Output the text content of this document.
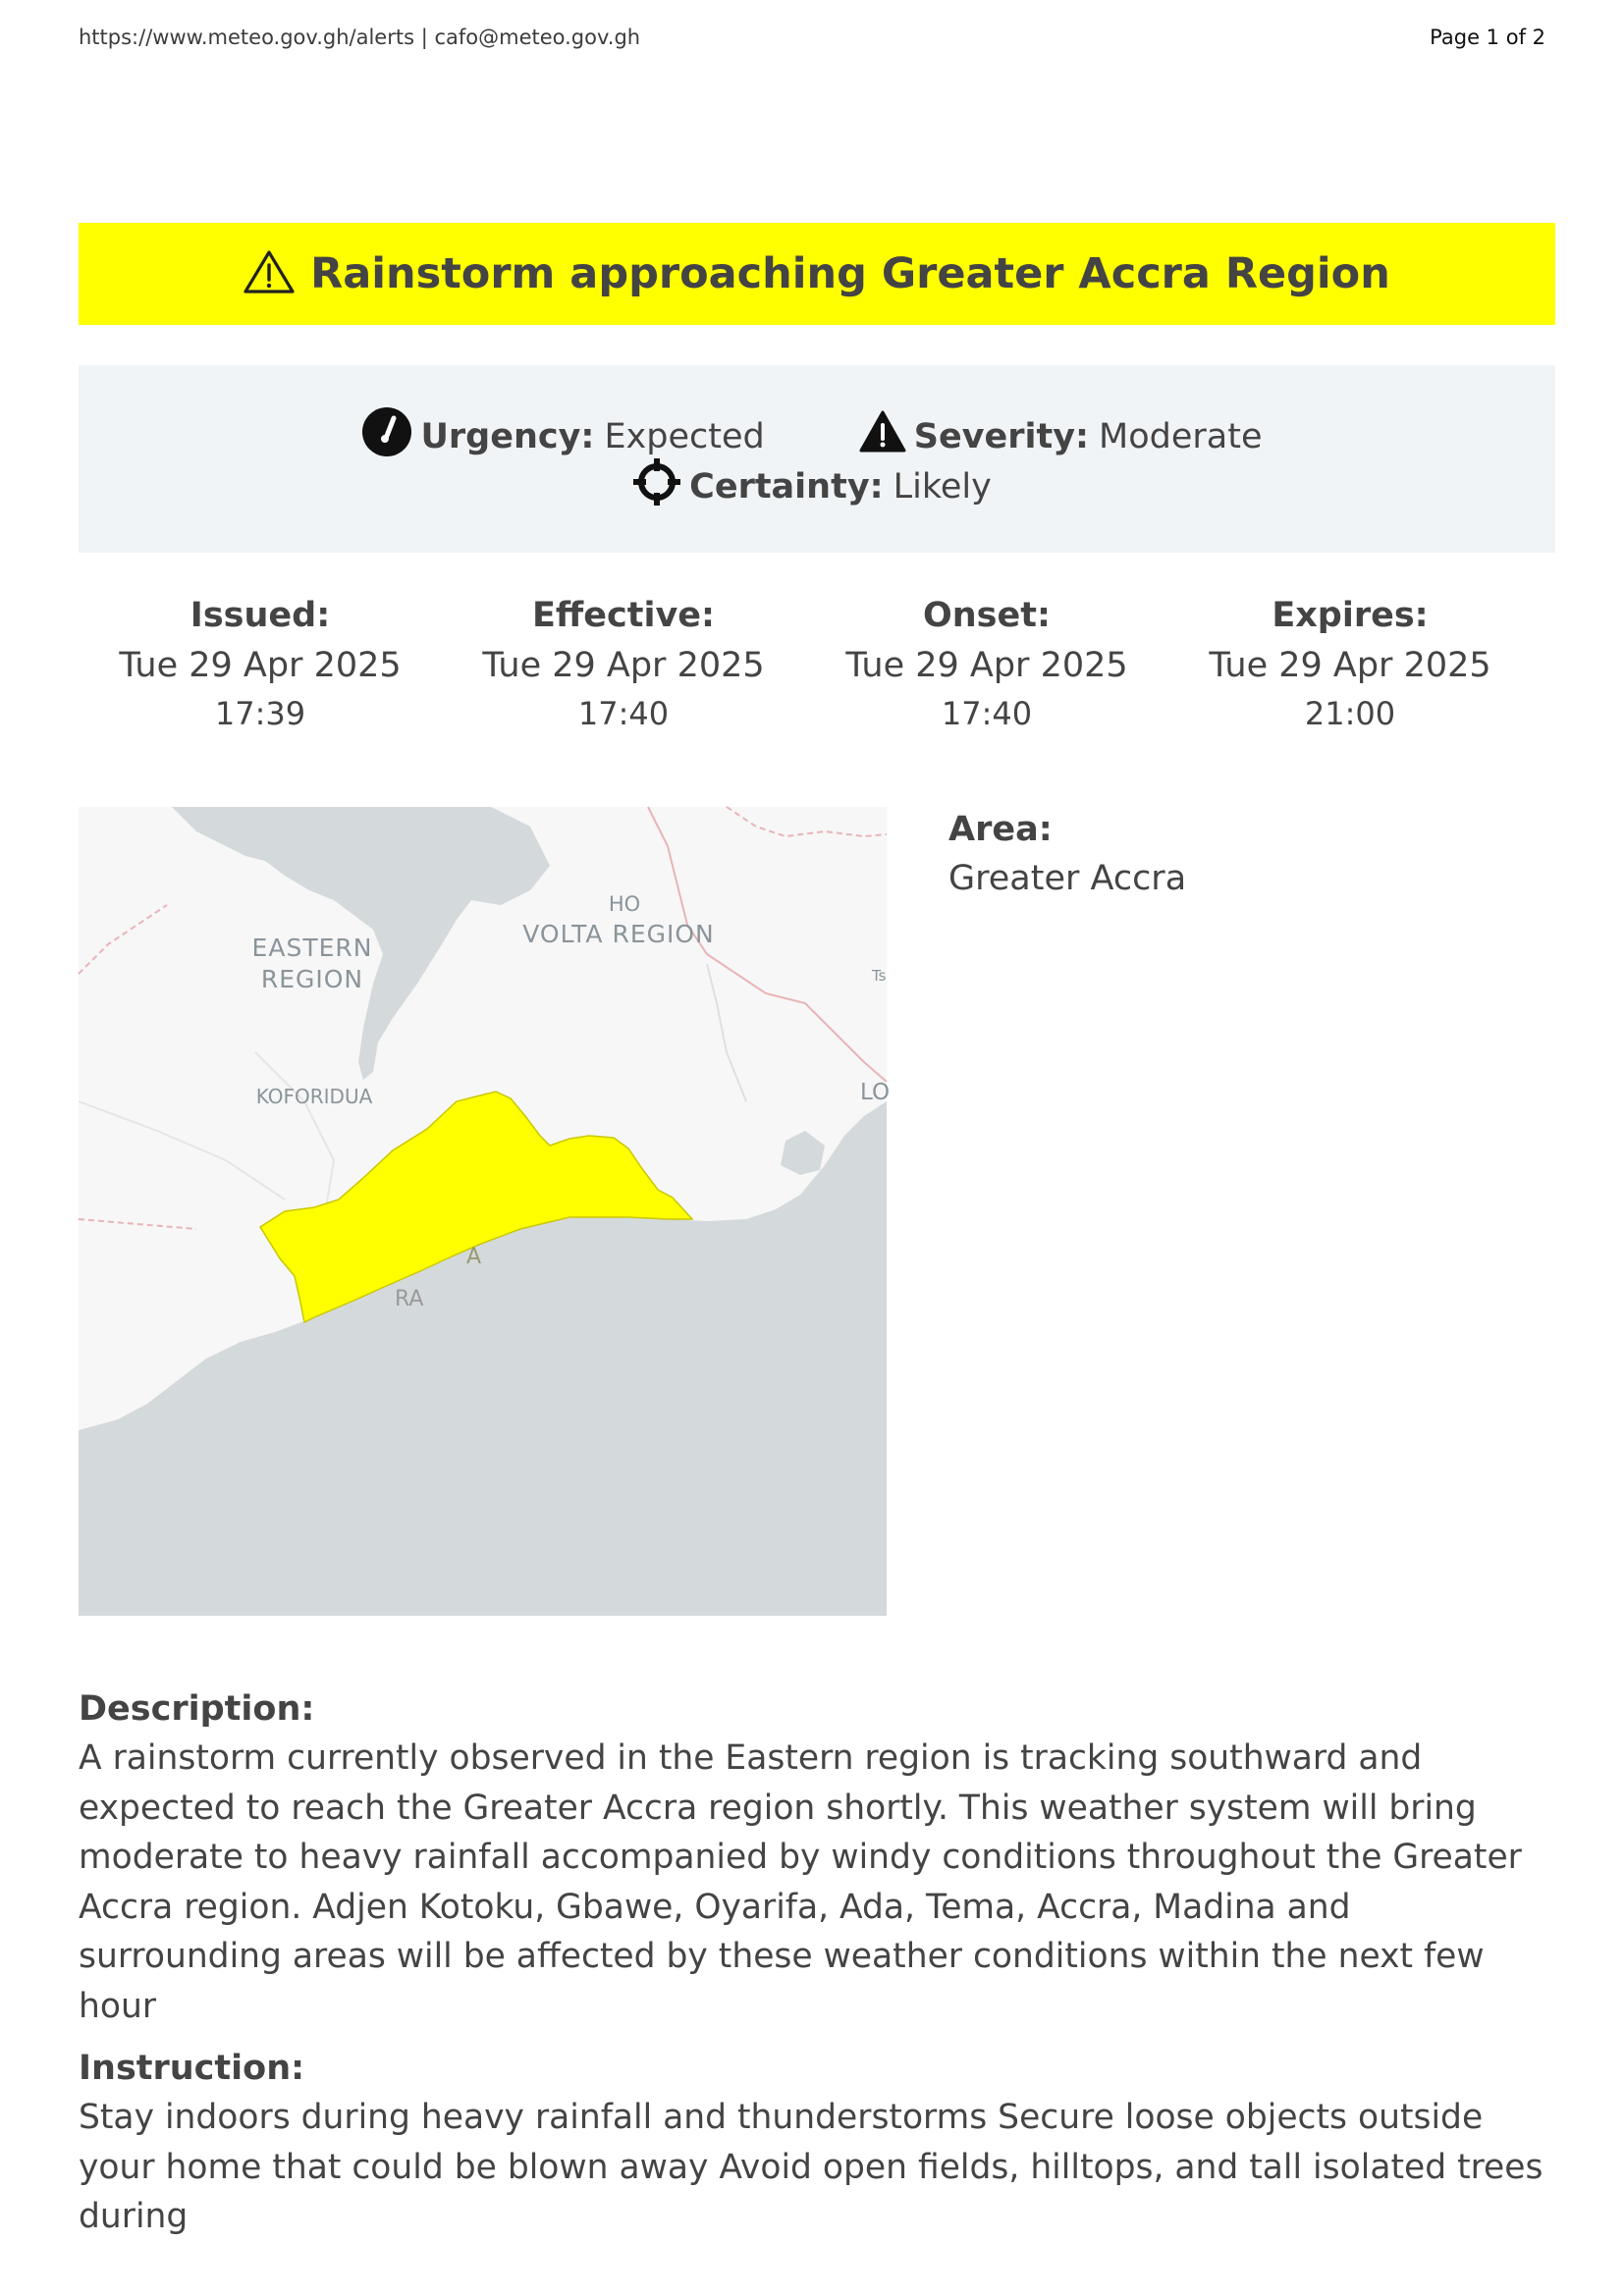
https://www.meteo.gov.gh/alerts | cafo@meteo.gov.gh	Page 1 of 2
Rainstorm approaching Greater Accra Region
Urgency: Expected	Severity: Moderate
Certainty: Likely
Issued:
Tue 29 Apr 2025
17:39
Effective:
Tue 29 Apr 2025
17:40
Onset:
Tue 29 Apr 2025
17:40
Expires:
Tue 29 Apr 2025
21:00
EASTERN
REGION
HO
VOLTA REGION
KOFORIDUA
Ts
LO
A
RA
Area:
Greater Accra
Description:
A rainstorm currently observed in the Eastern region is tracking southward and expected to reach the Greater Accra region shortly. This weather system will bring moderate to heavy rainfall accompanied by windy conditions throughout the Greater Accra region. Adjen Kotoku, Gbawe, Oyarifa, Ada, Tema, Accra, Madina and surrounding areas will be affected by these weather conditions within the next few hour
Instruction:
Stay indoors during heavy rainfall and thunderstorms Secure loose objects outside your home that could be blown away Avoid open fields, hilltops, and tall isolated trees during
